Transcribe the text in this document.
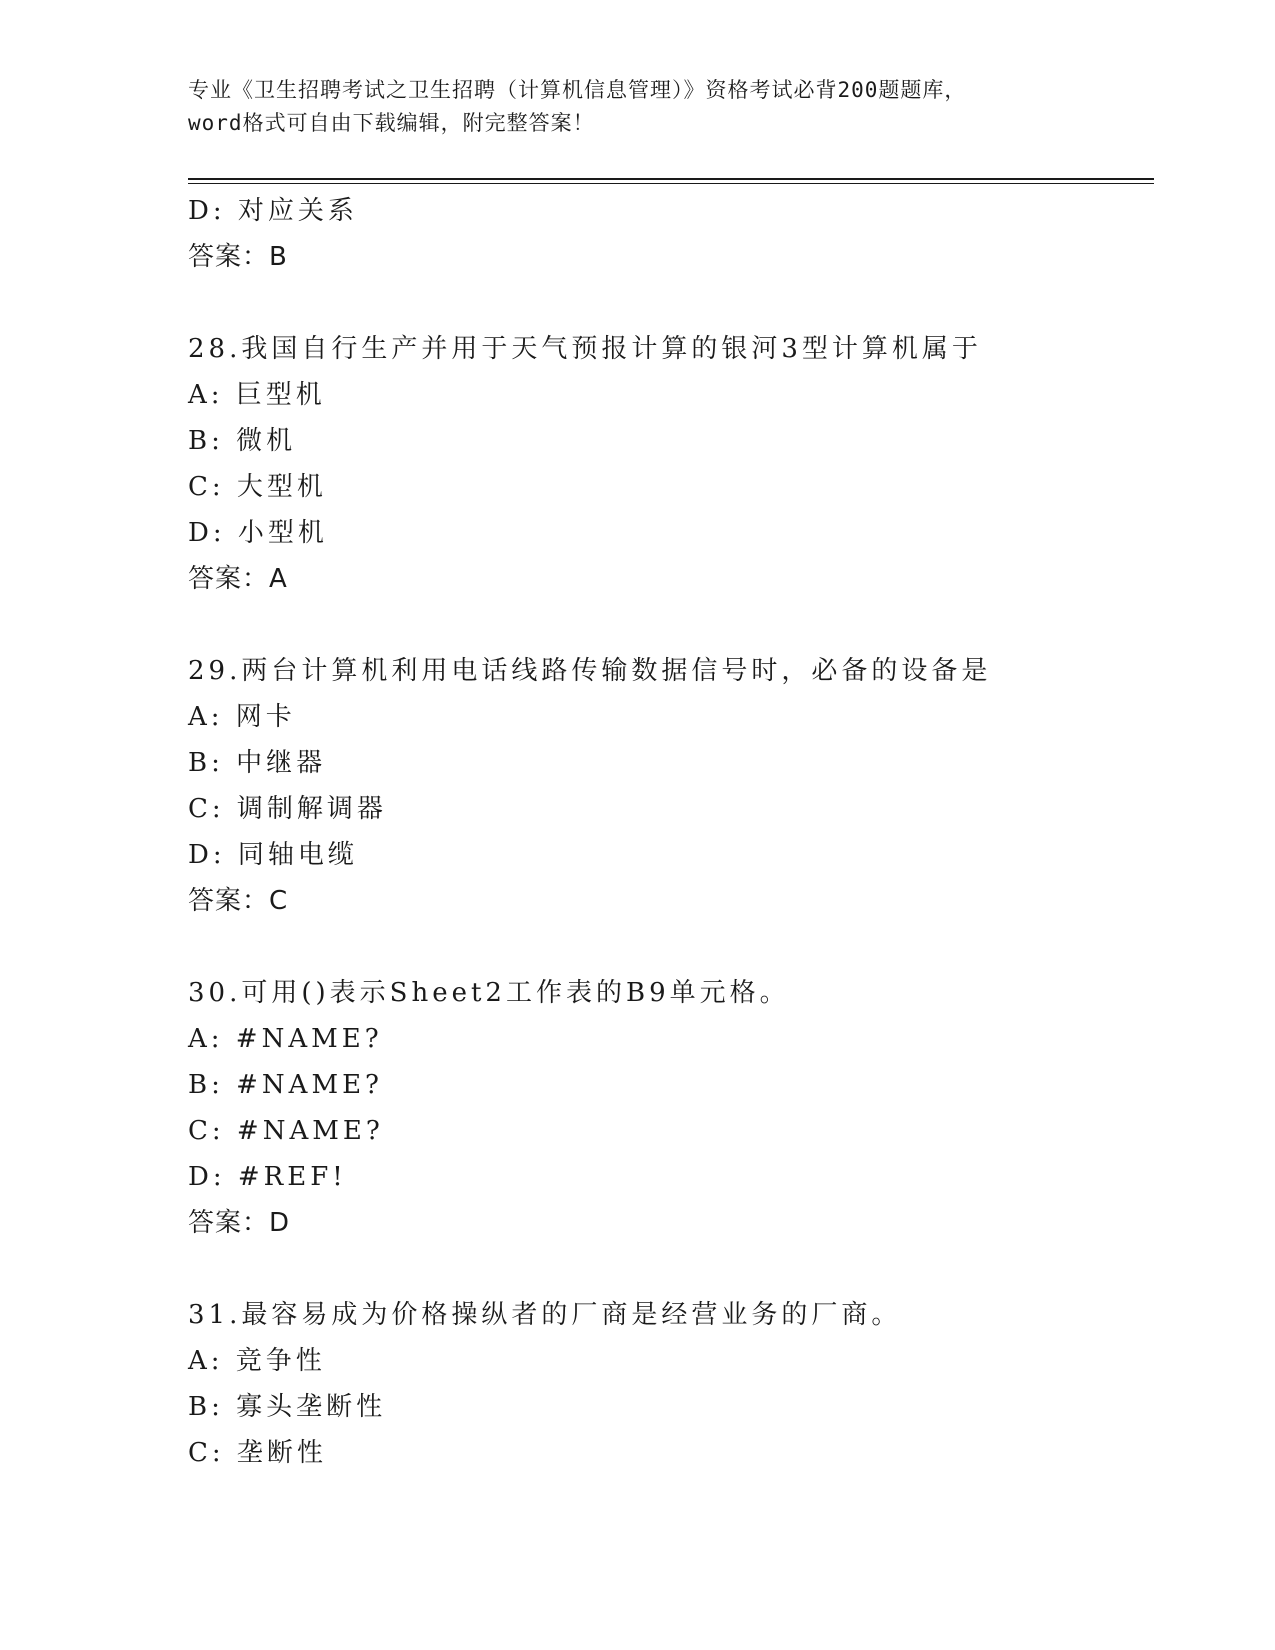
专业《卫生招聘考试之卫生招聘（计算机信息管理）》资格考试必背200题题库，
word格式可自由下载编辑，附完整答案！
D: 对应关系
答案：B
28.我国自行生产并用于天气预报计算的银河3型计算机属于
A: 巨型机
B: 微机
C: 大型机
D: 小型机
答案：A
29.两台计算机利用电话线路传输数据信号时，必备的设备是
A: 网卡
B: 中继器
C: 调制解调器
D: 同轴电缆
答案：C
30.可用()表示Sheet2工作表的B9单元格。
A: #NAME?
B: #NAME?
C: #NAME?
D: #REF!
答案：D
31.最容易成为价格操纵者的厂商是经营业务的厂商。
A: 竞争性
B: 寡头垄断性
C: 垄断性
